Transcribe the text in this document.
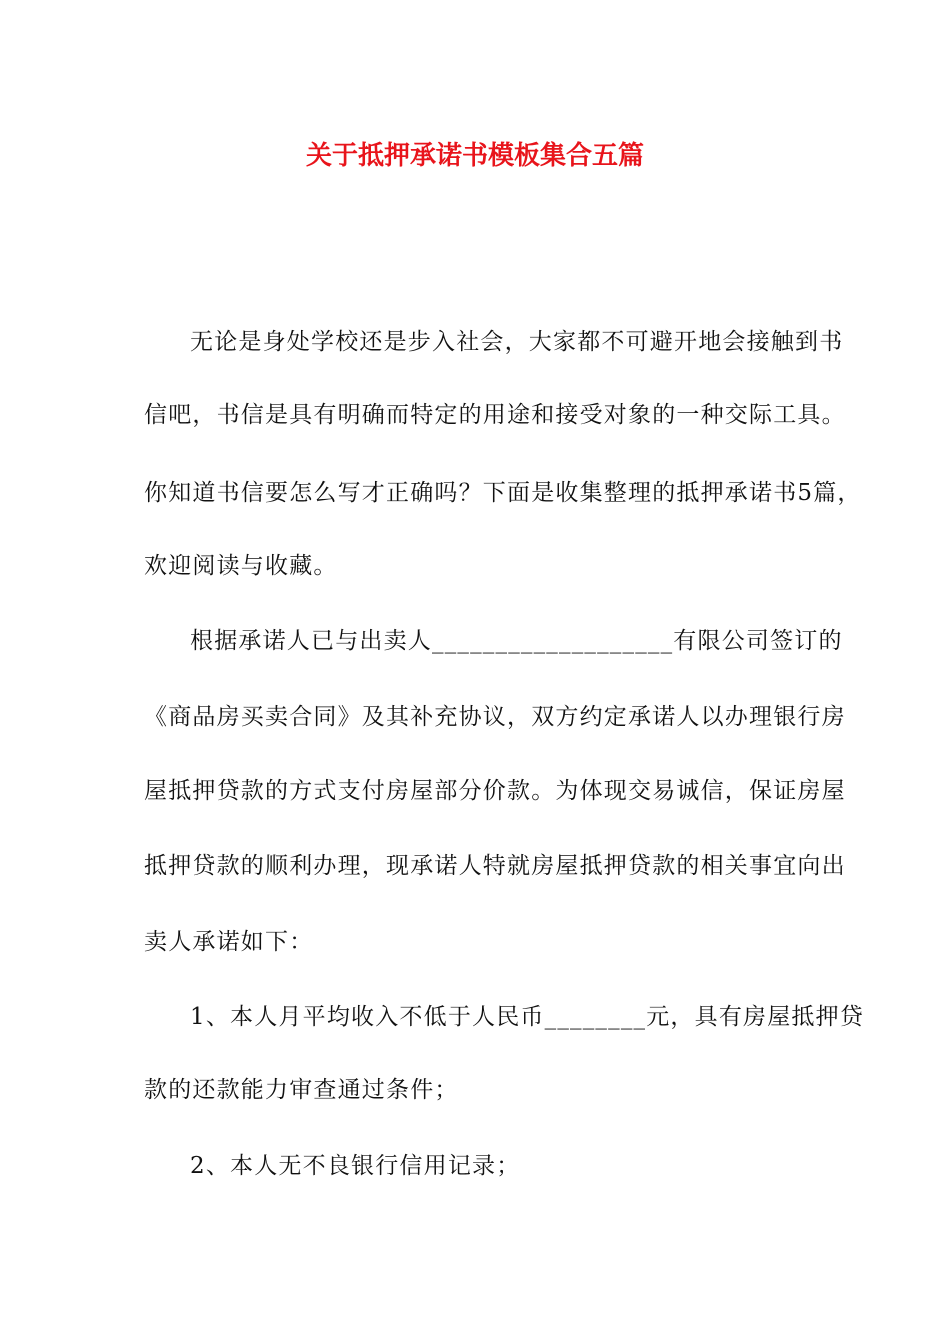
关于抵押承诺书模板集合五篇
无论是身处学校还是步入社会，大家都不可避开地会接触到书
信吧，书信是具有明确而特定的用途和接受对象的一种交际工具。
你知道书信要怎么写才正确吗？下面是收集整理的抵押承诺书5篇，
欢迎阅读与收藏。
根据承诺人已与出卖人___________________有限公司签订的
《商品房买卖合同》及其补充协议，双方约定承诺人以办理银行房
屋抵押贷款的方式支付房屋部分价款。为体现交易诚信，保证房屋
抵押贷款的顺利办理，现承诺人特就房屋抵押贷款的相关事宜向出
卖人承诺如下：
1、本人月平均收入不低于人民币________元，具有房屋抵押贷
款的还款能力审查通过条件；
2、本人无不良银行信用记录；
